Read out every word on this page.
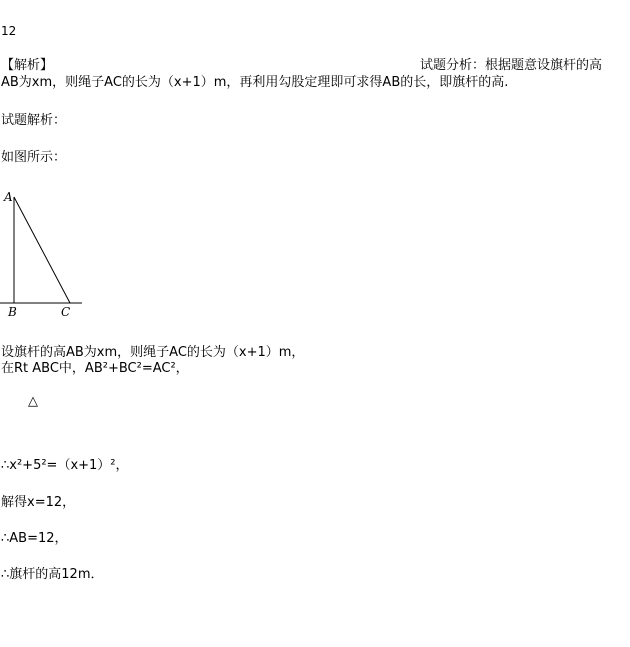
12
【解析】	试题分析：根据题意设旗杆的高
AB为xm，则绳子AC的长为（x+1）m，再利用勾股定理即可求得AB的长，即旗杆的高.
试题解析：
如图所示：
A
B	C
设旗杆的高AB为xm，则绳子AC的长为（x+1）m，
在Rt ABC中，AB²+BC²=AC²，
△
∴x²+5²=（x+1）²，
解得x=12，
∴AB=12，
∴旗杆的高12m．
